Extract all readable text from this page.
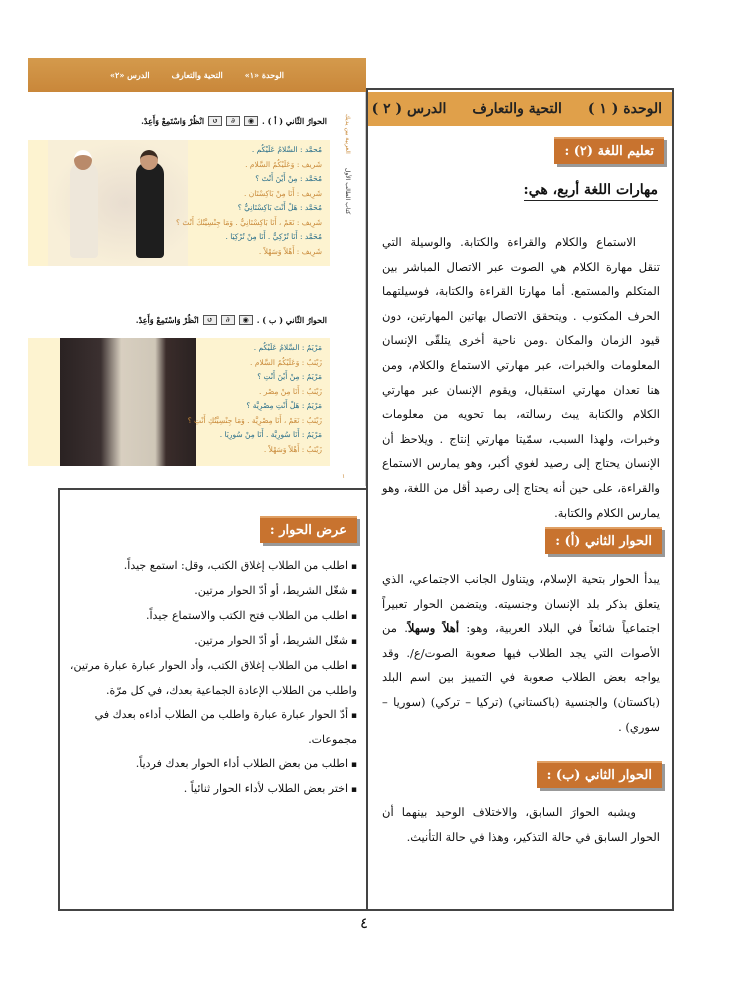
الوحدة «١»
التحية والتعارف
الدرس «٢»
العربية بين يديك
كتاب الطالب الأول
الحوارُ الثّاني ( أ ) .
◉
∂
↺
انْظُرْ وَاسْتَمِعْ وَأَعِدْ.
مُحمَّد : السَّلامُ عَلَيْكُم .
شَريف : وَعَلَيْكُمُ السَّلام .
مُحَمَّد : مِنْ أَيْنَ أَنْتَ ؟
شَرِيف : أَنَا مِنْ بَاكِسْتَان .
مُحَمَّد : هَلْ أَنْتَ بَاكِسْتَانِيٌّ ؟
شَرِيف : نَعَمْ ، أَنَا بَاكِسْتَانِيٌّ . وَمَا جِنْسِيَّتُكَ أَنْتَ ؟
مُحَمَّد : أَنَا تُرْكِيٌّ . أَنَا مِنْ تُرْكِيَا .
شَرِيف : أَهْلاً وَسَهْلاً .
الحوارُ الثّاني ( ب ) .
◉
∂
↺
انْظُرْ وَاسْتَمِعْ وَأَعِدْ.
مَرْيَمُ : السَّلامُ عَلَيْكُم .
زَيْنَبُ : وَعَلَيْكُمُ السَّلام .
مَرْيَمُ : مِنْ أَيْنَ أَنْتِ ؟
زَيْنَبُ : أَنَا مِنْ مِصْر .
مَرْيَمُ : هَلْ أَنْتِ مِصْرِيَّة ؟
زَيْنَبُ : نَعَمْ ، أَنَا مِصْرِيَّة . وَمَا جِنْسِيَّتُكِ أَنْتِ ؟
مَرْيَمُ : أَنَا سُورِيَّة . أَنَا مِنْ سُورِيَا .
زَيْنَبُ : أَهْلاً وَسَهْلاً .
١
الوحدة ( ١ )
التحية والتعارف
الدرس ( ٢ )
تعليم اللغة (٢) :
مهارات اللغة أربع، هي:

الاستماع والكلام والقراءة والكتابة. والوسيلة التي تنقل مهارة الكلام هي الصوت عبر الاتصال المباشر بين المتكلم والمستمع. أما مهارتا القراءة والكتابة، فوسيلتهما الحرف المكتوب . ويتحقق الاتصال بهاتين المهارتين، دون قيود الزمان والمكان .ومن ناحية أخرى يتلقّى الإنسان المعلومات والخبرات، عبر مهارتي الاستماع والكلام، ومن هنا تعدان مهارتي استقبال، ويقوم الإنسان عبر مهارتي الكلام والكتابة يبث رسالته، بما تحويه من معلومات وخبرات، ولهذا السبب، سمّيتا مهارتي إنتاج . ويلاحظ أن الإنسان يحتاج إلى رصيد لغوي أكبر، وهو يمارس الاستماع والقراءة، على حين أنه يحتاج إلى رصيد أقل من اللغة، وهو يمارس الكلام والكتابة.

الحوار الثاني (أ) :

يبدأ الحوار بتحية الإسلام، ويتناول الجانب الاجتماعي، الذي يتعلق بذكر بلد الإنسان وجنسيته. ويتضمن الحوار تعبيراً اجتماعياً شائعاً في البلاد العربية، وهو: أهلاً وسهلاً. من الأصوات التي يجد الطلاب فيها صعوبة الصوت/ع/. وقد يواجه بعض الطلاب صعوبة في التمييز بين اسم البلد (باكستان) والجنسية (باكستاني) (تركيا – تركي) (سوريا – سوري) .

الحوار الثاني (ب) :

ويشبه الحوارَ السابق، والاختلاف الوحيد بينهما أن الحوار السابق في حالة التذكير، وهذا في حالة التأنيث.

عرض الحوار :
▪ اطلب من الطلاب إغلاق الكتب، وقل: استمع جيداً.
▪ شغّل الشريط، أو أدّ الحوار مرتين.
▪ اطلب من الطلاب فتح الكتب والاستماع جيداً.
▪ شغّل الشريط، أو أدّ الحوار مرتين.
▪ اطلب من الطلاب إغلاق الكتب، وأد الحوار عبارة عبارة مرتين، واطلب من الطلاب الإعادة الجماعية بعدك، في كل مرّة.
▪ أدّ الحوار عبارة عبارة واطلب من الطلاب أداءه بعدك في مجموعات.
▪ اطلب من بعض الطلاب أداء الحوار بعدك فردياً.
▪ اختر بعض الطلاب لأداء الحوار ثنائياً .
٤
